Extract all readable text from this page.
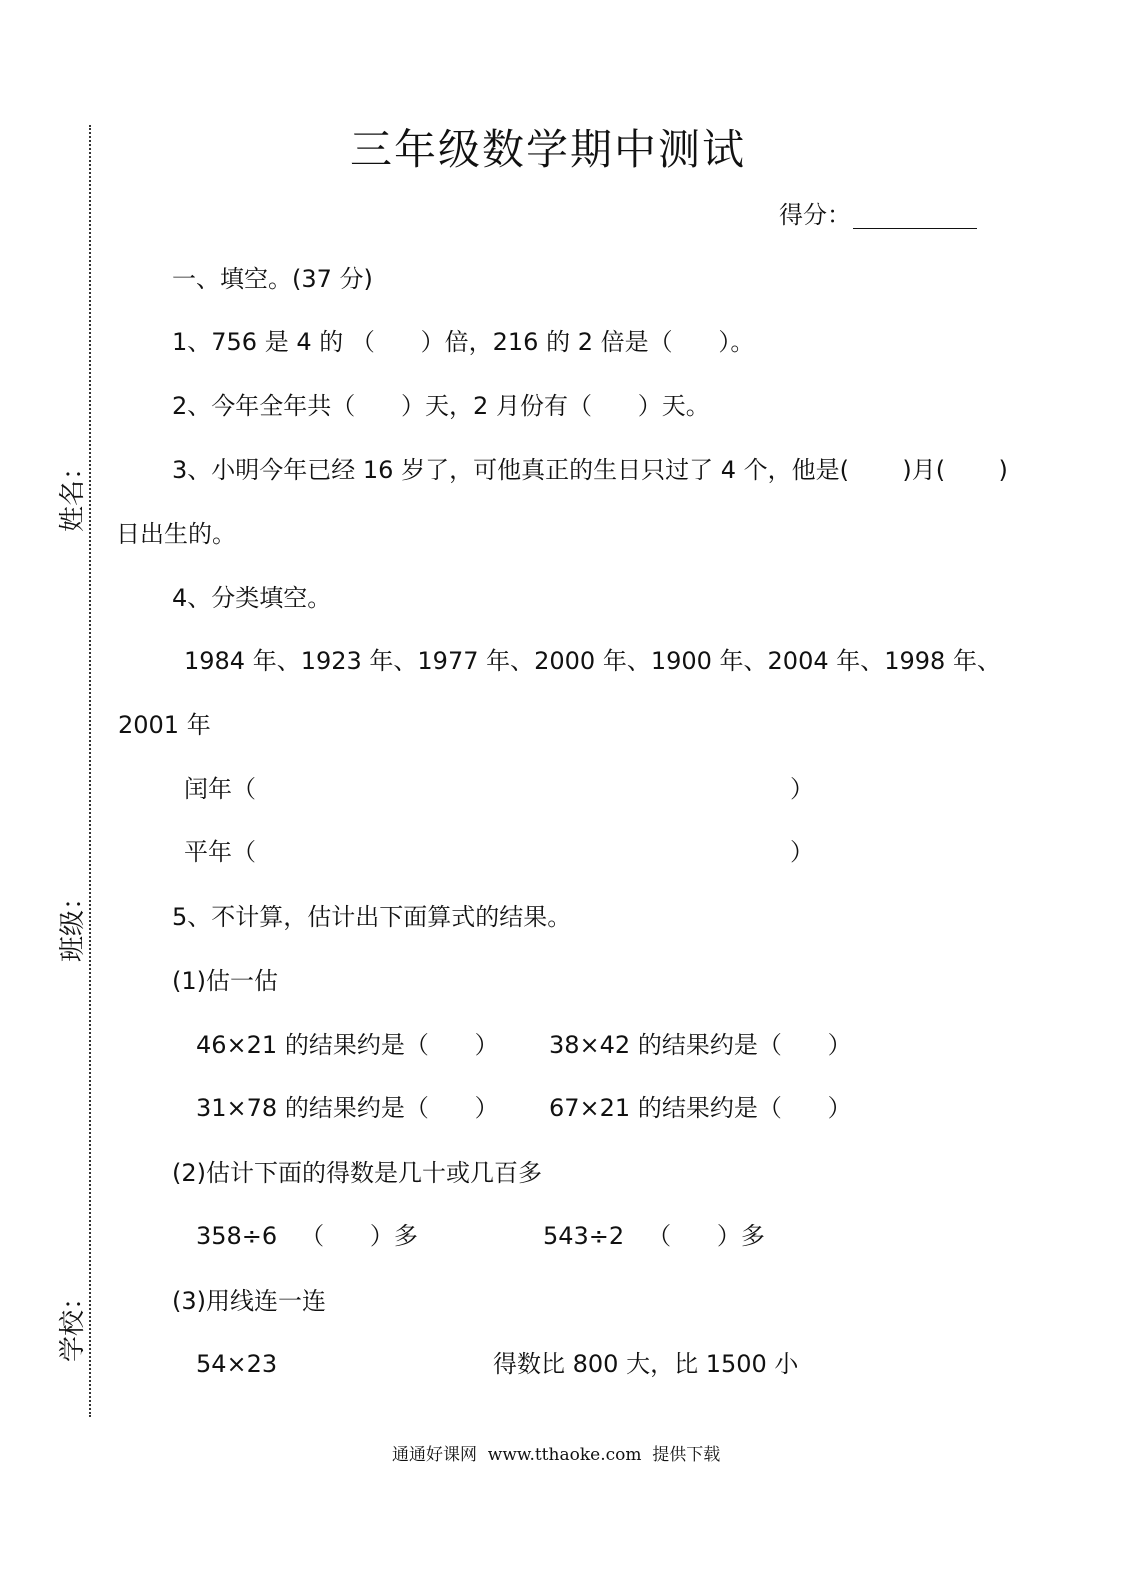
姓名：
班级：
学校：
三年级数学期中测试
得分：
一、填空。(37 分)
1、756 是 4 的 （      ）倍，216 的 2 倍是（      ）。
2、今年全年共（      ）天，2 月份有（      ）天。
3、小明今年已经 16 岁了，可他真正的生日只过了 4 个，他是(       )月(       )
日出生的。
4、分类填空。
1984 年、1923 年、1977 年、2000 年、1900 年、2004 年、1998 年、
2001 年
闰年（	）
平年（	）
5、不计算，估计出下面算式的结果。
(1)估一估
46×21 的结果约是（      ） 38×42 的结果约是（      ）
31×78 的结果约是（      ） 67×21 的结果约是（      ）
(2)估计下面的得数是几十或几百多
358÷6   （      ）多	543÷2   （      ）多
(3)用线连一连
54×23	得数比 800 大，比 1500 小
通通好课网  www.tthaoke.com  提供下载
